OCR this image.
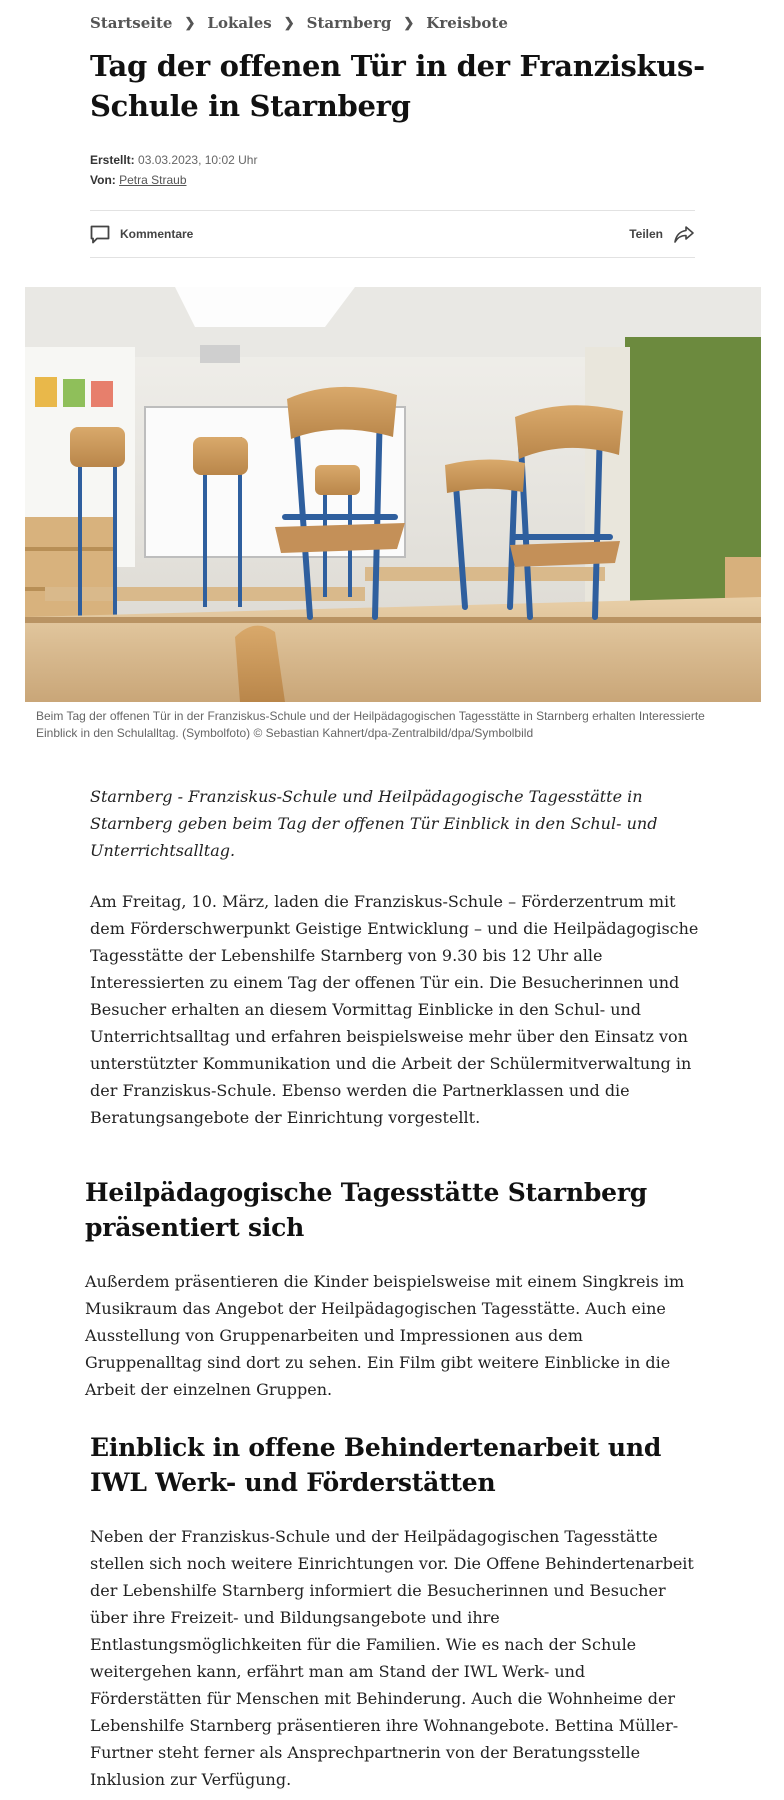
Startseite ❯ Lokales ❯ Starnberg ❯ Kreisbote
Tag der offenen Tür in der Franziskus-Schule in Starnberg
Erstellt: 03.03.2023, 10:02 Uhr
Von: Petra Straub
Kommentare	Teilen

Beim Tag der offenen Tür in der Franziskus-Schule und der Heilpädagogischen Tagesstätte in Starnberg erhalten Interessierte Einblick in den Schulalltag. (Symbolfoto) © Sebastian Kahnert/dpa-Zentralbild/dpa/Symbolbild

Starnberg - Franziskus-Schule und Heilpädagogische Tagesstätte in Starnberg geben beim Tag der offenen Tür Einblick in den Schul- und Unterrichtsalltag.

Am Freitag, 10. März, laden die Franziskus-Schule – Förderzentrum mit dem Förderschwerpunkt Geistige Entwicklung – und die Heilpädagogische Tagesstätte der Lebenshilfe Starnberg von 9.30 bis 12 Uhr alle Interessierten zu einem Tag der offenen Tür ein. Die Besucherinnen und Besucher erhalten an diesem Vormittag Einblicke in den Schul- und Unterrichtsalltag und erfahren beispielsweise mehr über den Einsatz von unterstützter Kommunikation und die Arbeit der Schülermitverwaltung in der Franziskus-Schule. Ebenso werden die Partnerklassen und die Beratungsangebote der Einrichtung vorgestellt.

Heilpädagogische Tagesstätte Starnberg präsentiert sich

Außerdem präsentieren die Kinder beispielsweise mit einem Singkreis im Musikraum das Angebot der Heilpädagogischen Tagesstätte. Auch eine Ausstellung von Gruppenarbeiten und Impressionen aus dem Gruppenalltag sind dort zu sehen. Ein Film gibt weitere Einblicke in die Arbeit der einzelnen Gruppen.

Einblick in offene Behindertenarbeit und IWL Werk- und Förderstätten

Neben der Franziskus-Schule und der Heilpädagogischen Tagesstätte stellen sich noch weitere Einrichtungen vor. Die Offene Behindertenarbeit der Lebenshilfe Starnberg informiert die Besucherinnen und Besucher über ihre Freizeit- und Bildungsangebote und ihre Entlastungsmöglichkeiten für die Familien. Wie es nach der Schule weitergehen kann, erfährt man am Stand der IWL Werk- und Förderstätten für Menschen mit Behinderung. Auch die Wohnheime der Lebenshilfe Starnberg präsentieren ihre Wohnangebote. Bettina Müller-Furtner steht ferner als Ansprechpartnerin von der Beratungsstelle Inklusion zur Verfügung.
